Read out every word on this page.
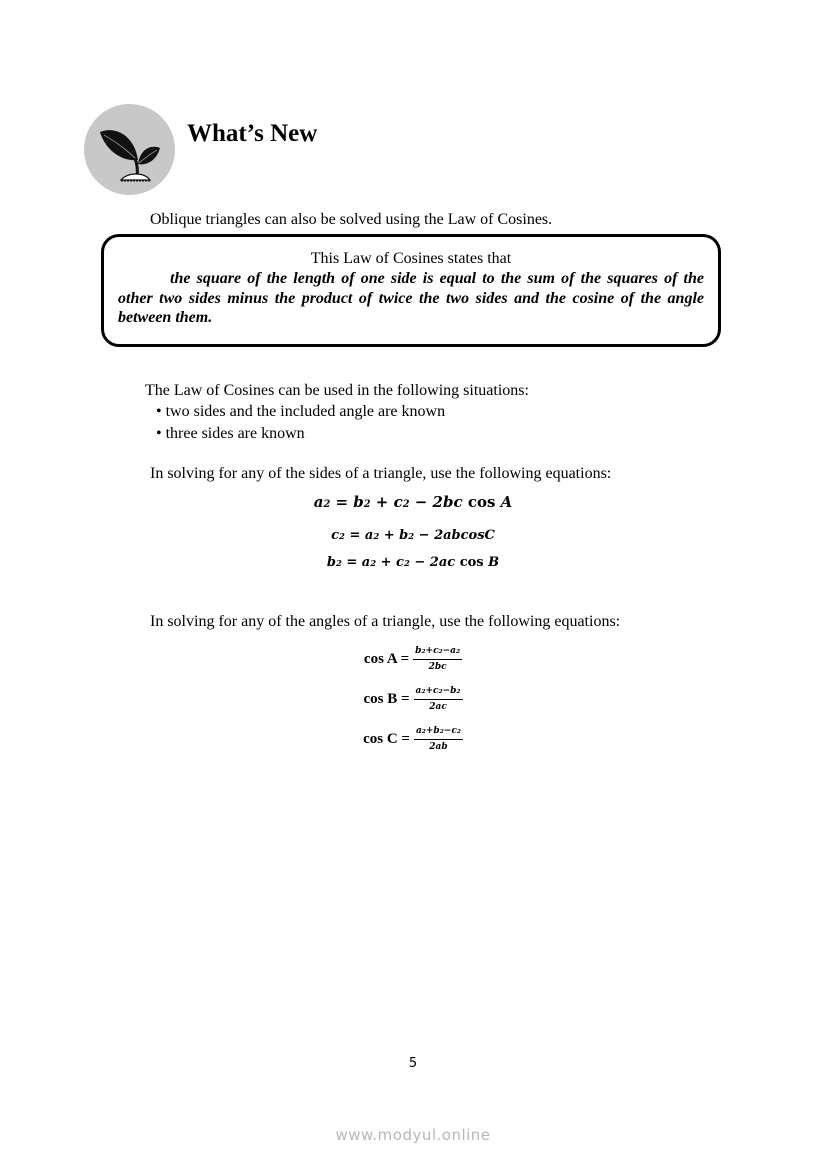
What’s New
Oblique triangles can also be solved using the Law of Cosines.
This Law of Cosines states that
the square of the length of one side is equal to the sum of the squares of the other two sides minus the product of twice the two sides and the cosine of the angle between them.
The Law of Cosines can be used in the following situations:
• two sides and the included angle are known
• three sides are known
In solving for any of the sides of a triangle, use the following equations:
$a^2 = b^2 + c^2 - 2bc$ cos A
$c^2 = a^2 + b^2 - 2abcosC$
$b^2 = a^2 + c^2 - 2ac$ cos B
In solving for any of the angles of a triangle, use the following equations:
$\cos A = \frac{b^2+c^2-a^2}{2bc}$
$\cos B = \frac{a^2+c^2-b^2}{2ac}$
$\cos C = \frac{a^2+b^2-c^2}{2ab}$
5
www.modyul.online
